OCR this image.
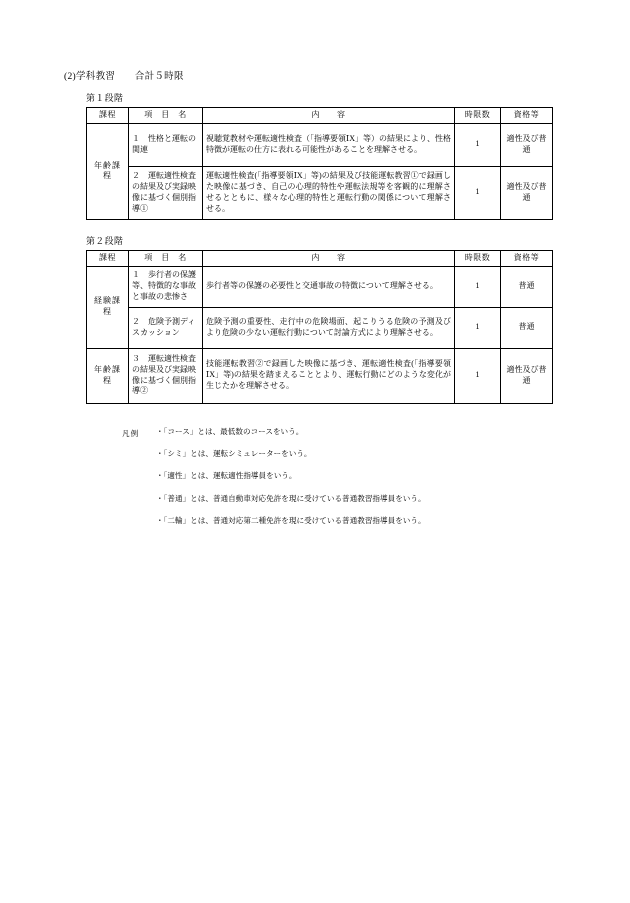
(2)学科教習　　合計５時限
第１段階
課程	項　目　名	内　　容	時限数	資格等
年齢課程	１　性格と運転の関連	視聴覚教材や運転適性検査（「指導要領ⅠX」等）の結果により、性格特徴が運転の仕方に表れる可能性があることを理解させる。	1	適性及び普通
	２　運転適性検査の結果及び実録映像に基づく個別指導①	運転適性検査(「指導要領ⅠX」等)の結果及び技能運転教習①で録画した映像に基づき、自己の心理的特性や運転法規等を客観的に理解させるとともに、様々な心理的特性と運転行動の関係について理解させる。	1	適性及び普通
第２段階
課程	項　目　名	内　　容	時限数	資格等
経験課程	１　歩行者の保護等、特徴的な事故と事故の悲惨さ	歩行者等の保護の必要性と交通事故の特徴について理解させる。	1	普通
	２　危険予測ディスカッション	危険予測の重要性、走行中の危険場面、起こりうる危険の予測及びより危険の少ない運転行動について討論方式により理解させる。	1	普通
年齢課程	３　運転適性検査の結果及び実録映像に基づく個別指導②	技能運転教習②で録画した映像に基づき、運転適性検査(「指導要領ⅠX」等)の結果を踏まえることとより、運転行動にどのような変化が生じたかを理解させる。	1	適性及び普通
凡例 ・「コース」とは、最低数のコースをいう。
・「シミ」とは、運転シミュレーターをいう。
・「適性」とは、運転適性指導員をいう。
・「普通」とは、普通自動車対応免許を現に受けている普通教習指導員をいう。
・「二輪」とは、普通対応第二種免許を現に受けている普通教習指導員をいう。
